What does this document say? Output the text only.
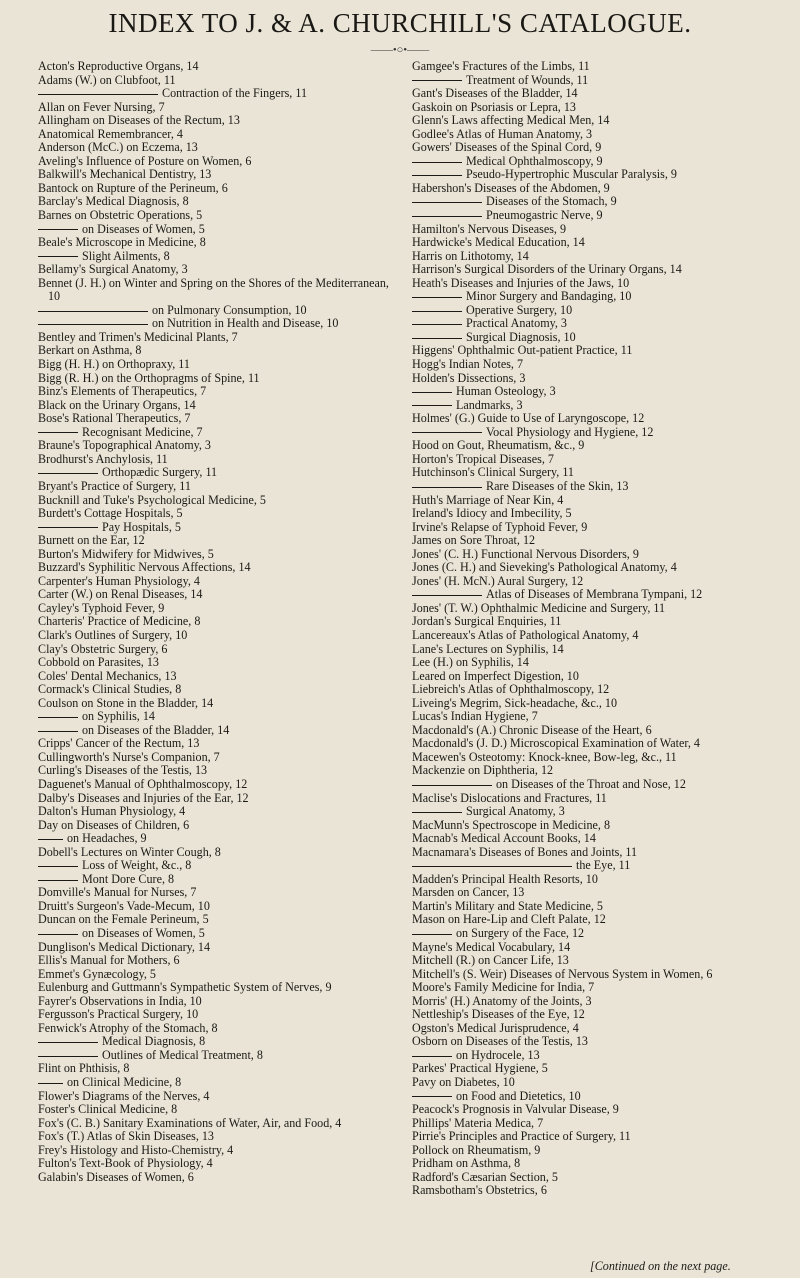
INDEX TO J. & A. CHURCHILL'S CATALOGUE.
——•○•——
Acton's Reproductive Organs, 14
Adams (W.) on Clubfoot, 11
Contraction of the Fingers, 11
Allan on Fever Nursing, 7
Allingham on Diseases of the Rectum, 13
Anatomical Remembrancer, 4
Anderson (McC.) on Eczema, 13
Aveling's Influence of Posture on Women, 6
Balkwill's Mechanical Dentistry, 13
Bantock on Rupture of the Perineum, 6
Barclay's Medical Diagnosis, 8
Barnes on Obstetric Operations, 5
on Diseases of Women, 5
Beale's Microscope in Medicine, 8
Slight Ailments, 8
Bellamy's Surgical Anatomy, 3
Bennet (J. H.) on Winter and Spring on the Shores of the Mediterranean, 10
on Pulmonary Consumption, 10
on Nutrition in Health and Disease, 10
Bentley and Trimen's Medicinal Plants, 7
Berkart on Asthma, 8
Bigg (H. H.) on Orthopraxy, 11
Bigg (R. H.) on the Orthopragms of Spine, 11
Binz's Elements of Therapeutics, 7
Black on the Urinary Organs, 14
Bose's Rational Therapeutics, 7
Recognisant Medicine, 7
Braune's Topographical Anatomy, 3
Brodhurst's Anchylosis, 11
Orthopædic Surgery, 11
Bryant's Practice of Surgery, 11
Bucknill and Tuke's Psychological Medicine, 5
Burdett's Cottage Hospitals, 5
Pay Hospitals, 5
Burnett on the Ear, 12
Burton's Midwifery for Midwives, 5
Buzzard's Syphilitic Nervous Affections, 14
Carpenter's Human Physiology, 4
Carter (W.) on Renal Diseases, 14
Cayley's Typhoid Fever, 9
Charteris' Practice of Medicine, 8
Clark's Outlines of Surgery, 10
Clay's Obstetric Surgery, 6
Cobbold on Parasites, 13
Coles' Dental Mechanics, 13
Cormack's Clinical Studies, 8
Coulson on Stone in the Bladder, 14
on Syphilis, 14
on Diseases of the Bladder, 14
Cripps' Cancer of the Rectum, 13
Cullingworth's Nurse's Companion, 7
Curling's Diseases of the Testis, 13
Daguenet's Manual of Ophthalmoscopy, 12
Dalby's Diseases and Injuries of the Ear, 12
Dalton's Human Physiology, 4
Day on Diseases of Children, 6
on Headaches, 9
Dobell's Lectures on Winter Cough, 8
Loss of Weight, &c., 8
Mont Dore Cure, 8
Domville's Manual for Nurses, 7
Druitt's Surgeon's Vade-Mecum, 10
Duncan on the Female Perineum, 5
on Diseases of Women, 5
Dunglison's Medical Dictionary, 14
Ellis's Manual for Mothers, 6
Emmet's Gynæcology, 5
Eulenburg and Guttmann's Sympathetic System of Nerves, 9
Fayrer's Observations in India, 10
Fergusson's Practical Surgery, 10
Fenwick's Atrophy of the Stomach, 8
Medical Diagnosis, 8
Outlines of Medical Treatment, 8
Flint on Phthisis, 8
on Clinical Medicine, 8
Flower's Diagrams of the Nerves, 4
Foster's Clinical Medicine, 8
Fox's (C. B.) Sanitary Examinations of Water, Air, and Food, 4
Fox's (T.) Atlas of Skin Diseases, 13
Frey's Histology and Histo-Chemistry, 4
Fulton's Text-Book of Physiology, 4
Galabin's Diseases of Women, 6
Gamgee's Fractures of the Limbs, 11
Treatment of Wounds, 11
Gant's Diseases of the Bladder, 14
Gaskoin on Psoriasis or Lepra, 13
Glenn's Laws affecting Medical Men, 14
Godlee's Atlas of Human Anatomy, 3
Gowers' Diseases of the Spinal Cord, 9
Medical Ophthalmoscopy, 9
Pseudo-Hypertrophic Muscular Paralysis, 9
Habershon's Diseases of the Abdomen, 9
Diseases of the Stomach, 9
Pneumogastric Nerve, 9
Hamilton's Nervous Diseases, 9
Hardwicke's Medical Education, 14
Harris on Lithotomy, 14
Harrison's Surgical Disorders of the Urinary Organs, 14
Heath's Diseases and Injuries of the Jaws, 10
Minor Surgery and Bandaging, 10
Operative Surgery, 10
Practical Anatomy, 3
Surgical Diagnosis, 10
Higgens' Ophthalmic Out-patient Practice, 11
Hogg's Indian Notes, 7
Holden's Dissections, 3
Human Osteology, 3
Landmarks, 3
Holmes' (G.) Guide to Use of Laryngoscope, 12
Vocal Physiology and Hygiene, 12
Hood on Gout, Rheumatism, &c., 9
Horton's Tropical Diseases, 7
Hutchinson's Clinical Surgery, 11
Rare Diseases of the Skin, 13
Huth's Marriage of Near Kin, 4
Ireland's Idiocy and Imbecility, 5
Irvine's Relapse of Typhoid Fever, 9
James on Sore Throat, 12
Jones' (C. H.) Functional Nervous Disorders, 9
Jones (C. H.) and Sieveking's Pathological Anatomy, 4
Jones' (H. McN.) Aural Surgery, 12
Atlas of Diseases of Membrana Tympani, 12
Jones' (T. W.) Ophthalmic Medicine and Surgery, 11
Jordan's Surgical Enquiries, 11
Lancereaux's Atlas of Pathological Anatomy, 4
Lane's Lectures on Syphilis, 14
Lee (H.) on Syphilis, 14
Leared on Imperfect Digestion, 10
Liebreich's Atlas of Ophthalmoscopy, 12
Liveing's Megrim, Sick-headache, &c., 10
Lucas's Indian Hygiene, 7
Macdonald's (A.) Chronic Disease of the Heart, 6
Macdonald's (J. D.) Microscopical Examination of Water, 4
Macewen's Osteotomy: Knock-knee, Bow-leg, &c., 11
Mackenzie on Diphtheria, 12
on Diseases of the Throat and Nose, 12
Maclise's Dislocations and Fractures, 11
Surgical Anatomy, 3
MacMunn's Spectroscope in Medicine, 8
Macnab's Medical Account Books, 14
Macnamara's Diseases of Bones and Joints, 11
the Eye, 11
Madden's Principal Health Resorts, 10
Marsden on Cancer, 13
Martin's Military and State Medicine, 5
Mason on Hare-Lip and Cleft Palate, 12
on Surgery of the Face, 12
Mayne's Medical Vocabulary, 14
Mitchell (R.) on Cancer Life, 13
Mitchell's (S. Weir) Diseases of Nervous System in Women, 6
Moore's Family Medicine for India, 7
Morris' (H.) Anatomy of the Joints, 3
Nettleship's Diseases of the Eye, 12
Ogston's Medical Jurisprudence, 4
Osborn on Diseases of the Testis, 13
on Hydrocele, 13
Parkes' Practical Hygiene, 5
Pavy on Diabetes, 10
on Food and Dietetics, 10
Peacock's Prognosis in Valvular Disease, 9
Phillips' Materia Medica, 7
Pirrie's Principles and Practice of Surgery, 11
Pollock on Rheumatism, 9
Pridham on Asthma, 8
Radford's Cæsarian Section, 5
Ramsbotham's Obstetrics, 6
[Continued on the next page.
